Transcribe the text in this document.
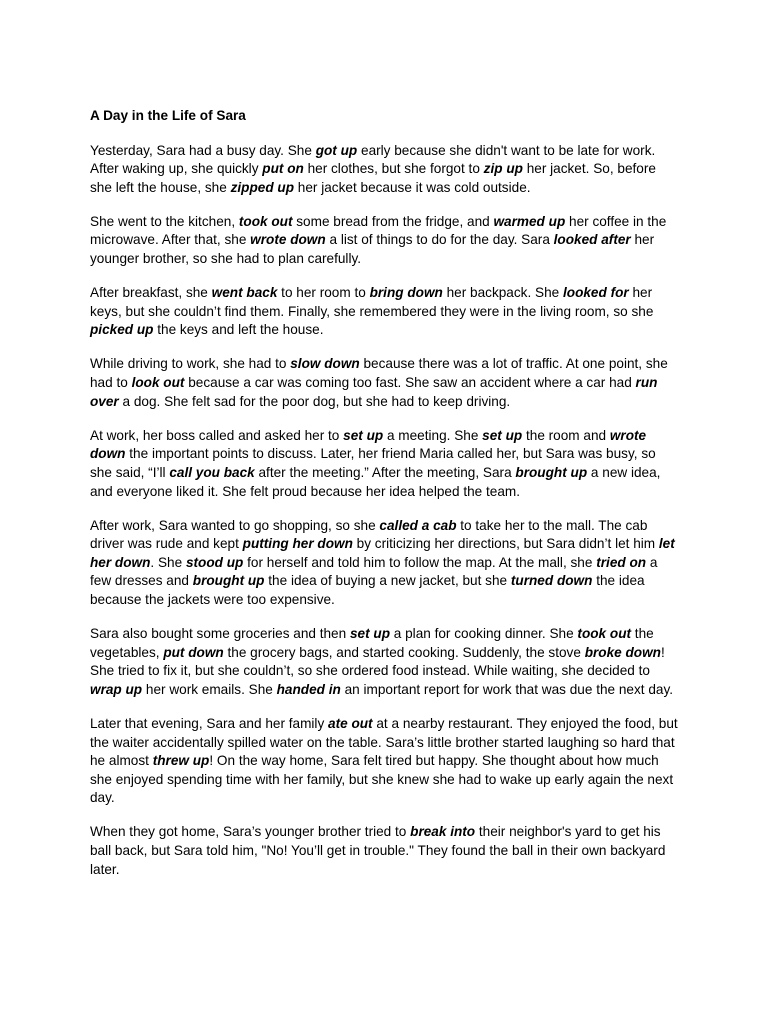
A Day in the Life of Sara

Yesterday, Sara had a busy day. She got up early because she didn't want to be late for work. After waking up, she quickly put on her clothes, but she forgot to zip up her jacket. So, before she left the house, she zipped up her jacket because it was cold outside.

She went to the kitchen, took out some bread from the fridge, and warmed up her coffee in the microwave. After that, she wrote down a list of things to do for the day. Sara looked after her younger brother, so she had to plan carefully.

After breakfast, she went back to her room to bring down her backpack. She looked for her keys, but she couldn’t find them. Finally, she remembered they were in the living room, so she picked up the keys and left the house.

While driving to work, she had to slow down because there was a lot of traffic. At one point, she had to look out because a car was coming too fast. She saw an accident where a car had run over a dog. She felt sad for the poor dog, but she had to keep driving.

At work, her boss called and asked her to set up a meeting. She set up the room and wrote down the important points to discuss. Later, her friend Maria called her, but Sara was busy, so she said, “I’ll call you back after the meeting.” After the meeting, Sara brought up a new idea, and everyone liked it. She felt proud because her idea helped the team.

After work, Sara wanted to go shopping, so she called a cab to take her to the mall. The cab driver was rude and kept putting her down by criticizing her directions, but Sara didn’t let him let her down. She stood up for herself and told him to follow the map. At the mall, she tried on a few dresses and brought up the idea of buying a new jacket, but she turned down the idea because the jackets were too expensive.

Sara also bought some groceries and then set up a plan for cooking dinner. She took out the vegetables, put down the grocery bags, and started cooking. Suddenly, the stove broke down! She tried to fix it, but she couldn’t, so she ordered food instead. While waiting, she decided to wrap up her work emails. She handed in an important report for work that was due the next day.

Later that evening, Sara and her family ate out at a nearby restaurant. They enjoyed the food, but the waiter accidentally spilled water on the table. Sara’s little brother started laughing so hard that he almost threw up! On the way home, Sara felt tired but happy. She thought about how much she enjoyed spending time with her family, but she knew she had to wake up early again the next day.

When they got home, Sara’s younger brother tried to break into their neighbor's yard to get his ball back, but Sara told him, "No! You’ll get in trouble." They found the ball in their own backyard later.
